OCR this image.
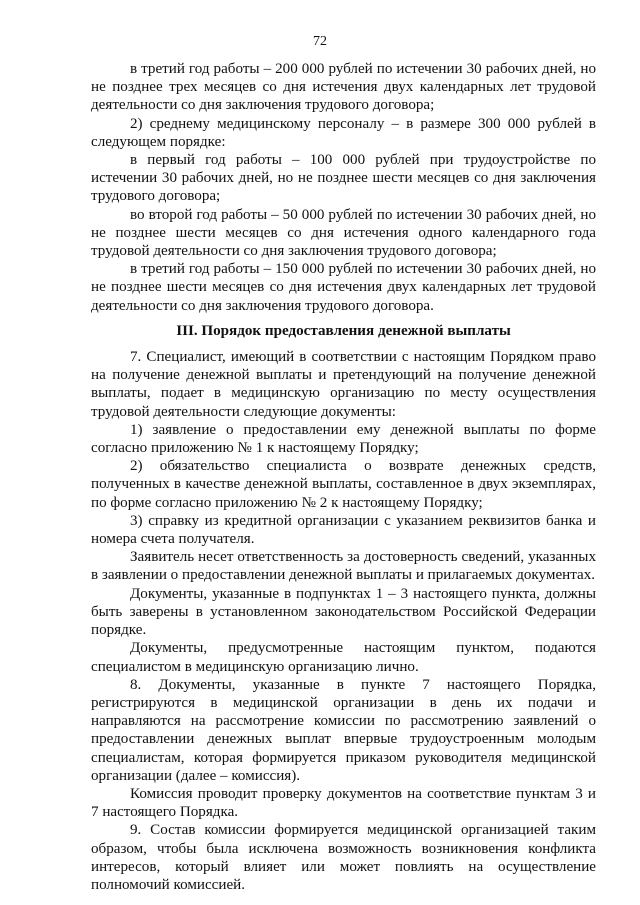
72

в третий год работы – 200 000 рублей по истечении 30 рабочих дней, но не позднее трех месяцев со дня истечения двух календарных лет трудовой деятельности со дня заключения трудового договора;

2) среднему медицинскому персоналу – в размере 300 000 рублей в следующем порядке:

в первый год работы – 100 000 рублей при трудоустройстве по истечении 30 рабочих дней, но не позднее шести месяцев со дня заключения трудового договора;

во второй год работы – 50 000 рублей по истечении 30 рабочих дней, но не позднее шести месяцев со дня истечения одного календарного года трудовой деятельности со дня заключения трудового договора;

в третий год работы – 150 000 рублей по истечении 30 рабочих дней, но не позднее шести месяцев со дня истечения двух календарных лет трудовой деятельности со дня заключения трудового договора.

III. Порядок предоставления денежной выплаты

7. Специалист, имеющий в соответствии с настоящим Порядком право на получение денежной выплаты и претендующий на получение денежной выплаты, подает в медицинскую организацию по месту осуществления трудовой деятельности следующие документы:

1) заявление о предоставлении ему денежной выплаты по форме согласно приложению № 1 к настоящему Порядку;

2) обязательство специалиста о возврате денежных средств, полученных в качестве денежной выплаты, составленное в двух экземплярах, по форме согласно приложению № 2 к настоящему Порядку;

3) справку из кредитной организации с указанием реквизитов банка и номера счета получателя.

Заявитель несет ответственность за достоверность сведений, указанных в заявлении о предоставлении денежной выплаты и прилагаемых документах.

Документы, указанные в подпунктах 1 – 3 настоящего пункта, должны быть заверены в установленном законодательством Российской Федерации порядке.

Документы, предусмотренные настоящим пунктом, подаются специалистом в медицинскую организацию лично.

8. Документы, указанные в пункте 7 настоящего Порядка, регистрируются в медицинской организации в день их подачи и направляются на рассмотрение комиссии по рассмотрению заявлений о предоставлении денежных выплат впервые трудоустроенным молодым специалистам, которая формируется приказом руководителя медицинской организации (далее – комиссия).

Комиссия проводит проверку документов на соответствие пунктам 3 и 7 настоящего Порядка.

9. Состав комиссии формируется медицинской организацией таким образом, чтобы была исключена возможность возникновения конфликта интересов, который влияет или может повлиять на осуществление полномочий комиссией.
